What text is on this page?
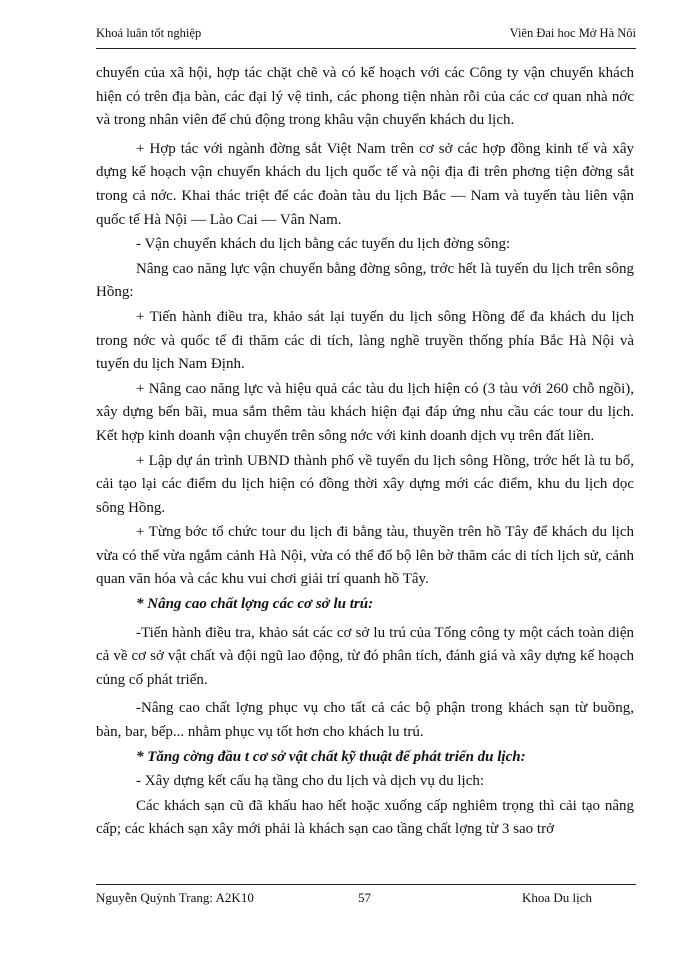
Khoá luân tốt nghiệp	Viên Đai hoc Mở Hà Nôi

chuyển của xã hội, hợp tác chặt chẽ và có kế hoạch với các Công ty vận chuyển khách hiện có trên địa bàn, các đại lý vệ tinh, các phong tiện nhàn rỗi của các cơ quan nhà nớc và trong nhân viên để chủ động trong khâu vận chuyển khách du lịch.

+ Hợp tác với ngành đờng sắt Việt Nam trên cơ sở các hợp đồng kinh tế và xây dựng kế hoạch vận chuyển khách du lịch quốc tế và nội địa đi trên phơng tiện đờng sắt trong cả nớc. Khai thác triệt để các đoàn tàu du lịch Bắc — Nam và tuyến tàu liên vận quốc tế Hà Nội — Lào Cai — Vân Nam.

- Vận chuyển khách du lịch bằng các tuyến du lịch đờng sông:

Nâng cao năng lực vận chuyển bằng đờng sông, trớc hết là tuyến du lịch trên sông Hồng:

+ Tiến hành điều tra, khảo sát lại tuyến du lịch sông Hồng để đa khách du lịch trong nớc và quốc tế đi thăm các di tích, làng nghề truyền thống phía Bắc Hà Nội và tuyến du lịch Nam Định.

+ Nâng cao năng lực và hiệu quả các tàu du lịch hiện có (3 tàu với 260 chỗ ngồi), xây dựng bến bãi, mua sắm thêm tàu khách hiện đại đáp ứng nhu cầu các tour du lịch. Kết hợp kinh doanh vận chuyển trên sông nớc với kinh doanh dịch vụ trên đất liền.

+ Lập dự án trình UBND thành phố về tuyến du lịch sông Hồng, trớc hết là tu bổ, cải tạo lại các điểm du lịch hiện có đồng thời xây dựng mới các điểm, khu du lịch dọc sông Hồng.

+ Từng bớc tổ chức tour du lịch đi bằng tàu, thuyền trên hồ Tây để khách du lịch vừa có thể vừa ngắm cảnh Hà Nội, vừa có thể đổ bộ lên bờ thăm các di tích lịch sử, cảnh quan văn hóa và các khu vui chơi giải trí quanh hồ Tây.

* Nâng cao chất lợng các cơ sở lu trú:

-Tiến hành điều tra, khảo sát các cơ sở lu trú của Tổng công ty một cách toàn diện cả về cơ sở vật chất và đội ngũ lao động, từ đó phân tích, đánh giá và xây dựng kế hoạch củng cố phát triển.

-Nâng cao chất lợng phục vụ cho tất cả các bộ phận trong khách sạn từ buồng, bàn, bar, bếp... nhằm phục vụ tốt hơn cho khách lu trú.

* Tăng cờng đầu t cơ sở vật chất kỹ thuật để phát triển du lịch:

- Xây dựng kết cấu hạ tầng cho du lịch và dịch vụ du lịch:

Các khách sạn cũ đã khấu hao hết hoặc xuống cấp nghiêm trọng thì cải tạo nâng cấp; các khách sạn xây mới phải là khách sạn cao tầng chất lợng từ 3 sao trở

Nguyễn Quỳnh Trang: A2K10	57	Khoa Du lịch
